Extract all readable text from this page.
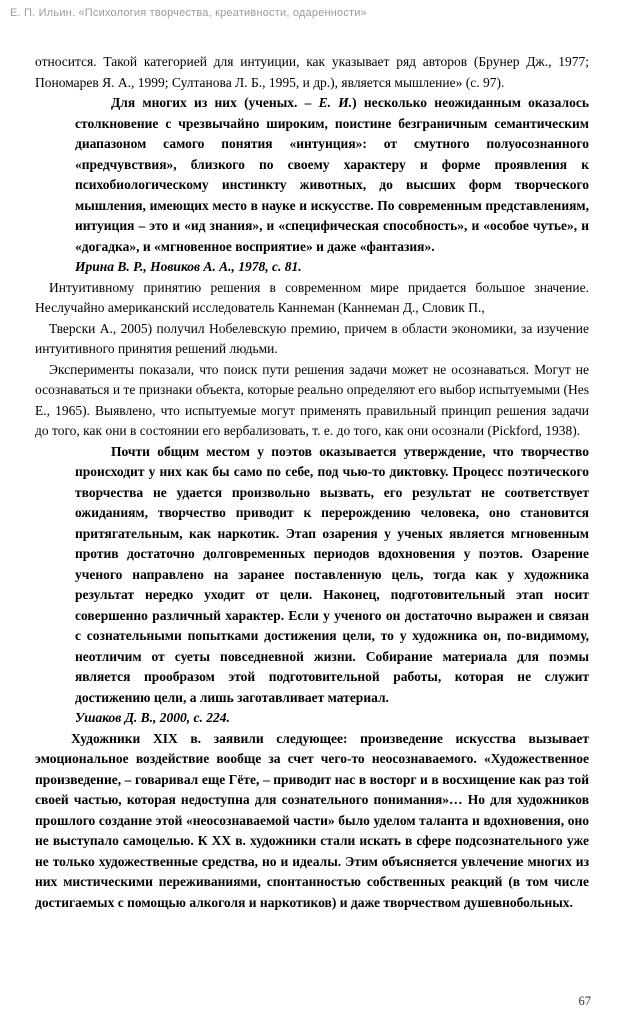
Е. П. Ильин. «Психология творчества, креативности, одаренности»

относится. Такой категорией для интуиции, как указывает ряд авторов (Брунер Дж., 1977; Пономарев Я. А., 1999; Султанова Л. Б., 1995, и др.), является мышление» (с. 97).

Для многих из них (ученых. – Е. И.) несколько неожиданным оказалось столкновение с чрезвычайно широким, поистине безграничным семантическим диапазоном самого понятия «интуиция»: от смутного полуосознанного «предчувствия», близкого по своему характеру и форме проявления к психобиологическому инстинкту животных, до высших форм творческого мышления, имеющих место в науке и искусстве. По современным представлениям, интуиция – это и «ид знания», и «специфическая способность», и «особое чутье», и «догадка», и «мгновенное восприятие» и даже «фантазия».

Ирина В. Р., Новиков А. А., 1978, с. 81.

Интуитивному принятию решения в современном мире придается большое значение. Неслучайно американский исследователь Каннеман (Каннеман Д., Словик П.,

Тверски А., 2005) получил Нобелевскую премию, причем в области экономики, за изучение интуитивного принятия решений людьми.

Эксперименты показали, что поиск пути решения задачи может не осознаваться. Могут не осознаваться и те признаки объекта, которые реально определяют его выбор испытуемыми (Hes E., 1965). Выявлено, что испытуемые могут применять правильный принцип решения задачи до того, как они в состоянии его вербализовать, т. е. до того, как они осознали (Pickford, 1938).

Почти общим местом у поэтов оказывается утверждение, что творчество происходит у них как бы само по себе, под чью-то диктовку. Процесс поэтического творчества не удается произвольно вызвать, его результат не соответствует ожиданиям, творчество приводит к перерождению человека, оно становится притягательным, как наркотик. Этап озарения у ученых является мгновенным против достаточно долговременных периодов вдохновения у поэтов. Озарение ученого направлено на заранее поставленную цель, тогда как у художника результат нередко уходит от цели. Наконец, подготовительный этап носит совершенно различный характер. Если у ученого он достаточно выражен и связан с сознательными попытками достижения цели, то у художника он, по-видимому, неотличим от суеты повседневной жизни. Собирание материала для поэмы является прообразом этой подготовительной работы, которая не служит достижению цели, а лишь заготавливает материал.

Ушаков Д. В., 2000, с. 224.

Художники XIX в. заявили следующее: произведение искусства вызывает эмоциональное воздействие вообще за счет чего-то неосознаваемого. «Художественное произведение, – говаривал еще Гёте, – приводит нас в восторг и в восхищение как раз той своей частью, которая недоступна для сознательного понимания»… Но для художников прошлого создание этой «неосознаваемой части» было уделом таланта и вдохновения, оно не выступало самоцелью. К XX в. художники стали искать в сфере подсознательного уже не только художественные средства, но и идеалы. Этим объясняется увлечение многих из них мистическими переживаниями, спонтанностью собственных реакций (в том числе достигаемых с помощью алкоголя и наркотиков) и даже творчеством душевнобольных.

67
